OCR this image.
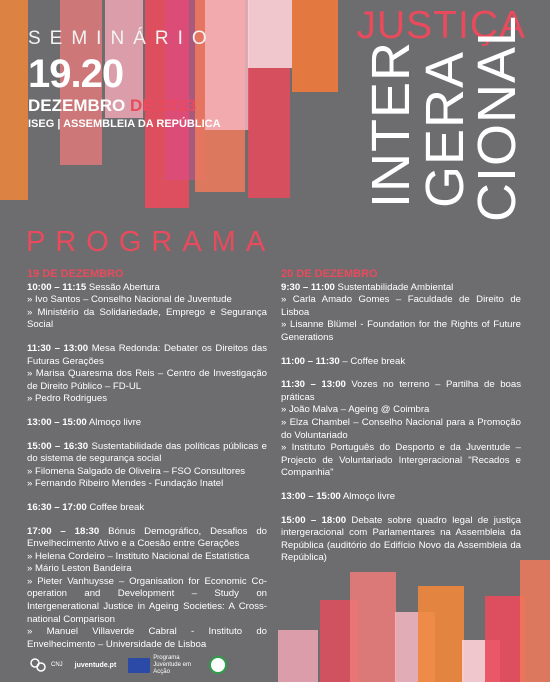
SEMINÁRIO
19.20
DEZEMBRO DE 2013
ISEG | ASSEMBLEIA DA REPÚBLICA
JUSTIÇA
INTER
GERA
CIONAL
PROGRAMA
19 DE DEZEMBRO
10:00 – 11:15 Sessão Abertura
» Ivo Santos – Conselho Nacional de Juventude
» Ministério da Solidariedade, Emprego e Segurança Social
11:30 – 13:00 Mesa Redonda: Debater os Direitos das Futuras Gerações
» Marisa Quaresma dos Reis – Centro de Investigação de Direito Público – FD-UL
» Pedro Rodrigues
13:00 – 15:00 Almoço livre
15:00 – 16:30 Sustentabilidade das políticas públicas e do sistema de segurança social
» Filomena Salgado de Oliveira – FSO Consultores
» Fernando Ribeiro Mendes - Fundação Inatel
16:30 – 17:00 Coffee break
17:00 – 18:30 Bónus Demográfico, Desafios do Envelhecimento Ativo e a Coesão entre Gerações
» Helena Cordeiro – Instituto Nacional de Estatística
» Mário Leston Bandeira
» Pieter Vanhuysse – Organisation for Economic Co-operation and Development – Study on Intergenerational Justice in Ageing Societies: A Cross-national Comparison
» Manuel Villaverde Cabral - Instituto do Envelhecimento – Universidade de Lisboa
20 DE DEZEMBRO
9:30 – 11:00 Sustentabilidade Ambiental
» Carla Amado Gomes – Faculdade de Direito de Lisboa
» Lisanne Blümel - Foundation for the Rights of Future Generations
11:00 – 11:30 – Coffee break
11:30 – 13:00 Vozes no terreno – Partilha de boas práticas
» João Malva – Ageing @ Coimbra
» Elza Chambel – Conselho Nacional para a Promoção do Voluntariado
» Instituto Português do Desporto e da Juventude – Projecto de Voluntariado Intergeracional "Recados e Companhia"
13:00 – 15:00 Almoço livre
15:00 – 18:00 Debate sobre quadro legal de justiça intergeracional com Parlamentares na Assembleia da República (auditório do Edifício Novo da Assembleia da República)
CNJ juventude.pt
Programa Juventude em Acção
